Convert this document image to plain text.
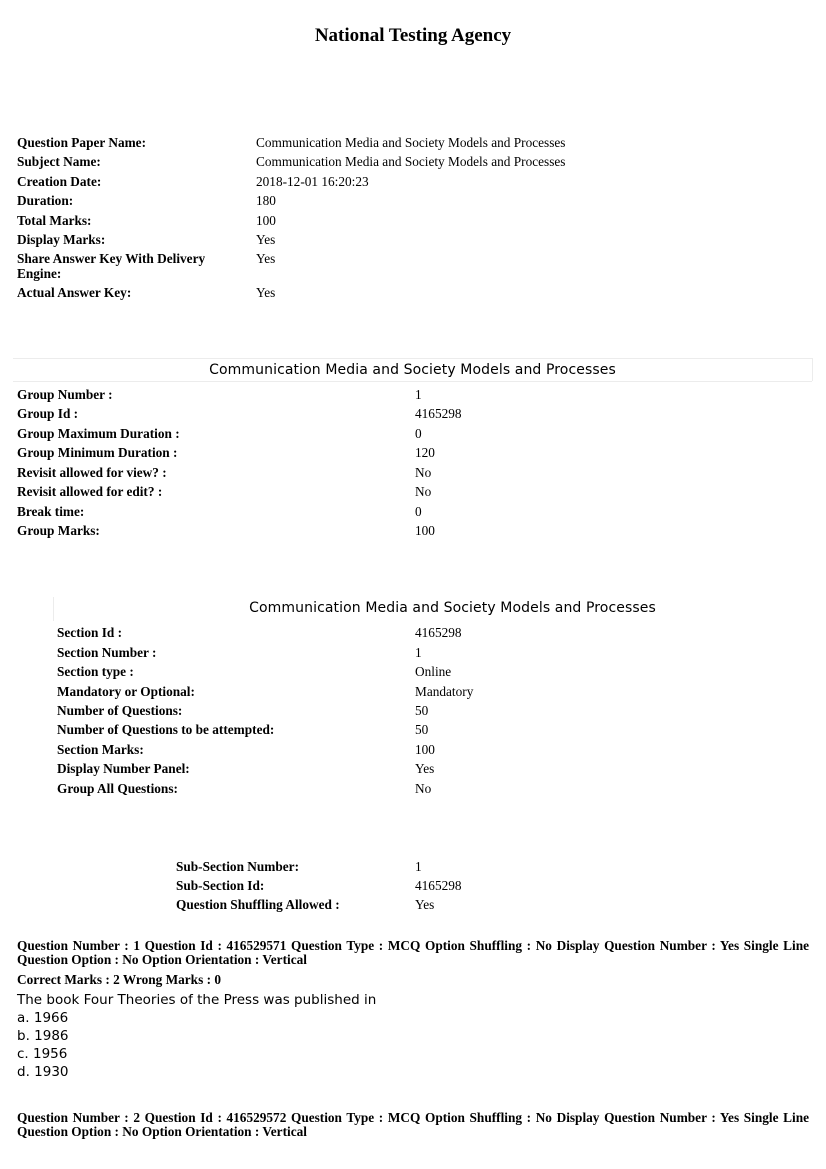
National Testing Agency
Question Paper Name:	Communication Media and Society Models and Processes
Subject Name:	Communication Media and Society Models and Processes
Creation Date:	2018-12-01 16:20:23
Duration:	180
Total Marks:	100
Display Marks:	Yes
Share Answer Key With Delivery Engine:
Yes
Actual Answer Key:	Yes
Communication Media and Society Models and Processes
Group Number :	1
Group Id :	4165298
Group Maximum Duration :	0
Group Minimum Duration :	120
Revisit allowed for view? :	No
Revisit allowed for edit? :	No
Break time:	0
Group Marks:	100
Communication Media and Society Models and Processes
Section Id :	4165298
Section Number :	1
Section type :	Online
Mandatory or Optional:	Mandatory
Number of Questions:	50
Number of Questions to be attempted:	50
Section Marks:	100
Display Number Panel:	Yes
Group All Questions:	No
Sub-Section Number:	1
Sub-Section Id:	4165298
Question Shuffling Allowed :	Yes
Question Number : 1 Question Id : 416529571 Question Type : MCQ Option Shuffling : No Display Question Number : Yes Single Line Question Option : No Option Orientation : Vertical
Correct Marks : 2 Wrong Marks : 0
The book Four Theories of the Press was published in
a. 1966
b. 1986
c. 1956
d. 1930
Question Number : 2 Question Id : 416529572 Question Type : MCQ Option Shuffling : No Display Question Number : Yes Single Line Question Option : No Option Orientation : Vertical
